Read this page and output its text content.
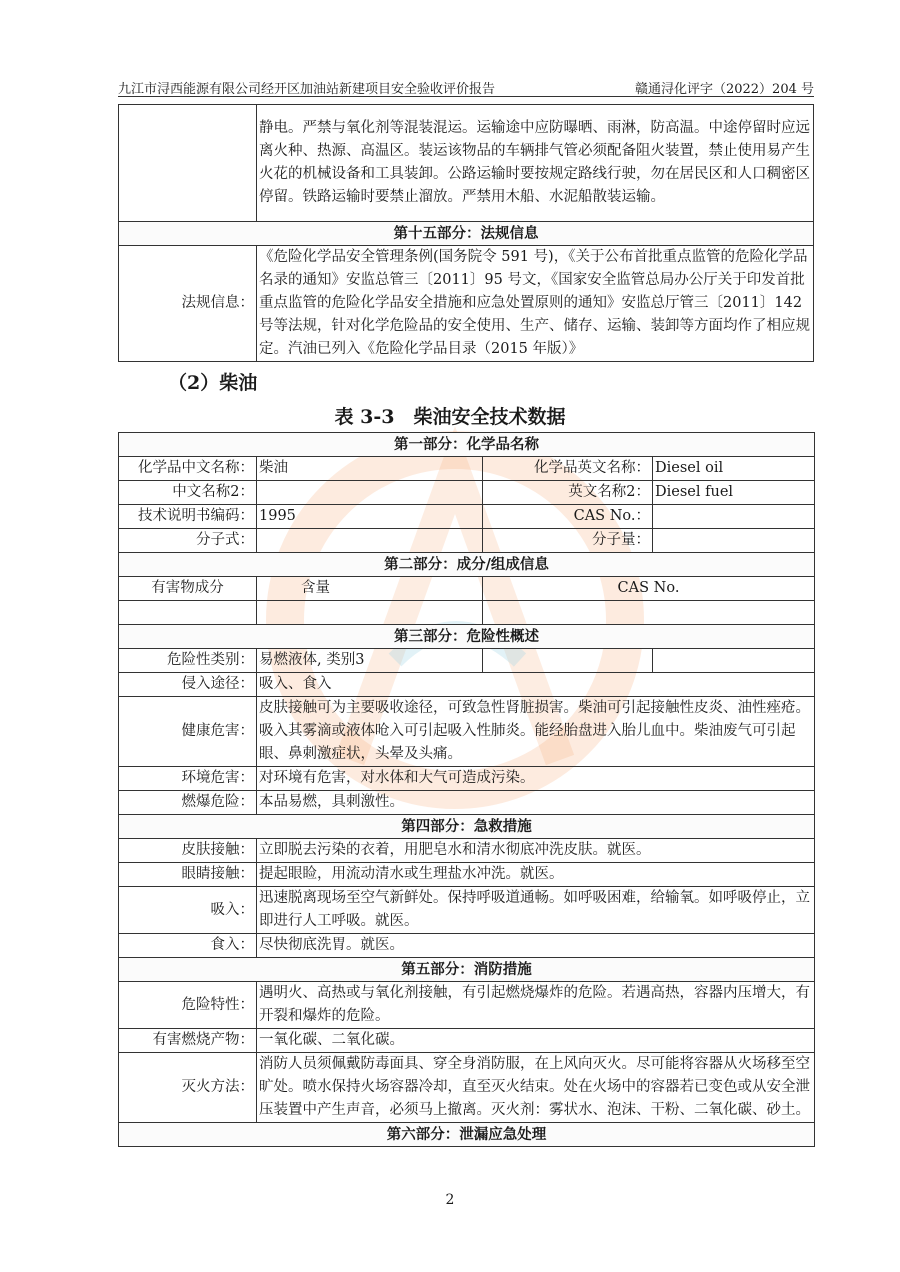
九江市浔西能源有限公司经开区加油站新建项目安全验收评价报告	赣通浔化评字（2022）204 号
	静电。严禁与氧化剂等混装混运。运输途中应防曝晒、雨淋，防高温。中途停留时应远离火种、热源、高温区。装运该物品的车辆排气管必须配备阻火装置，禁止使用易产生火花的机械设备和工具装卸。公路运输时要按规定路线行驶，勿在居民区和人口稠密区停留。铁路运输时要禁止溜放。严禁用木船、水泥船散装运输。
第十五部分：法规信息	
法规信息：	《危险化学品安全管理条例(国务院令 591 号)，《关于公布首批重点监管的危险化学品名录的通知》安监总管三〔2011〕95 号文，《国家安全监管总局办公厅关于印发首批重点监管的危险化学品安全措施和应急处置原则的通知》安监总厅管三〔2011〕142 号等法规，针对化学危险品的安全使用、生产、储存、运输、装卸等方面均作了相应规定。汽油已列入《危险化学品目录（2015 年版）》
（2）柴油
表 3-3　柴油安全技术数据
第一部分：化学品名称			
化学品中文名称：	柴油	化学品英文名称：	Diesel oil
中文名称2：		英文名称2：	Diesel fuel
技术说明书编码：	1995	CAS No.：	
分子式：		分子量：	
第二部分：成分/组成信息			
有害物成分	含量	CAS No.	

第三部分：危险性概述			
危险性类别：	易燃液体, 类别3		
侵入途径：	吸入、食入		
健康危害：	皮肤接触可为主要吸收途径，可致急性肾脏损害。柴油可引起接触性皮炎、油性痤疮。吸入其雾滴或液体呛入可引起吸入性肺炎。能经胎盘进入胎儿血中。柴油废气可引起眼、鼻刺激症状，头晕及头痛。		
环境危害：	对环境有危害，对水体和大气可造成污染。		
燃爆危险：	本品易燃，具刺激性。		
第四部分：急救措施			
皮肤接触：	立即脱去污染的衣着，用肥皂水和清水彻底冲洗皮肤。就医。		
眼睛接触：	提起眼睑，用流动清水或生理盐水冲洗。就医。		
吸入：	迅速脱离现场至空气新鲜处。保持呼吸道通畅。如呼吸困难，给输氧。如呼吸停止，立即进行人工呼吸。就医。		
食入：	尽快彻底洗胃。就医。		
第五部分：消防措施			
危险特性：	遇明火、高热或与氧化剂接触，有引起燃烧爆炸的危险。若遇高热，容器内压增大，有开裂和爆炸的危险。		
有害燃烧产物：	一氧化碳、二氧化碳。		
灭火方法：	消防人员须佩戴防毒面具、穿全身消防服，在上风向灭火。尽可能将容器从火场移至空旷处。喷水保持火场容器冷却，直至灭火结束。处在火场中的容器若已变色或从安全泄压装置中产生声音，必须马上撤离。灭火剂：雾状水、泡沫、干粉、二氧化碳、砂土。		
第六部分：泄漏应急处理			
2
